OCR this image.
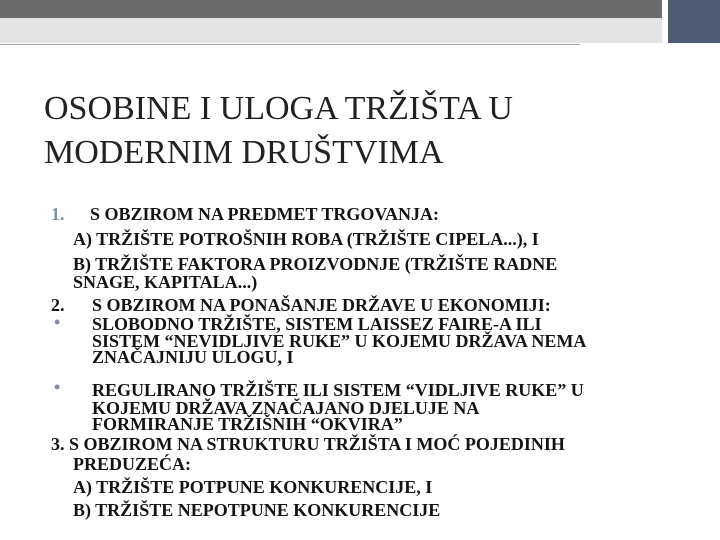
OSOBINE I ULOGA TRŽIŠTA U
MODERNIM DRUŠTVIMA
1. S OBZIROM NA PREDMET TRGOVANJA:
A) TRŽIŠTE POTROŠNIH ROBA (TRŽIŠTE CIPELA...), I
B) TRŽIŠTE FAKTORA PROIZVODNJE (TRŽIŠTE RADNE
SNAGE, KAPITALA...)
2. S OBZIROM NA PONAŠANJE DRŽAVE U EKONOMIJI:
• SLOBODNO TRŽIŠTE, SISTEM LAISSEZ FAIRE-A ILI
SISTEM “NEVIDLJIVE RUKE” U KOJEMU DRŽAVA NEMA
ZNAČAJNIJU ULOGU, I
• REGULIRANO TRŽIŠTE ILI SISTEM “VIDLJIVE RUKE” U
KOJEMU DRŽAVA ZNAČAJANO DJELUJE NA
FORMIRANJE TRŽIŠNIH “OKVIRA”
3. S OBZIROM NA STRUKTURU TRŽIŠTA I MOĆ POJEDINIH
PREDUZEĆA:
A) TRŽIŠTE POTPUNE KONKURENCIJE, I
B) TRŽIŠTE NEPOTPUNE KONKURENCIJE
